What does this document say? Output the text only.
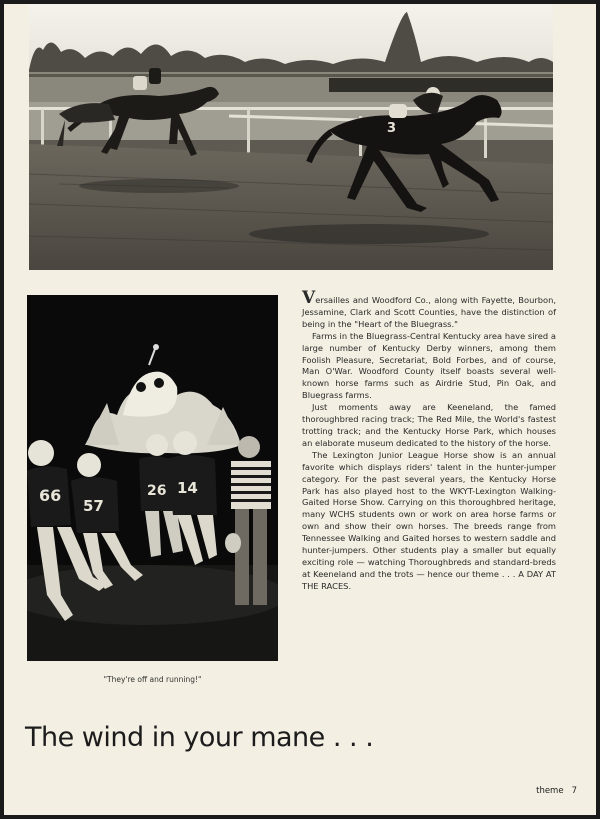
3
66
57
26 14
"They're off and running!"

Versailles and Woodford Co., along with Fayette, Bourbon, Jessamine, Clark and Scott Counties, have the distinction of being in the "Heart of the Bluegrass."

Farms in the Bluegrass-Central Kentucky area have sired a large number of Kentucky Derby winners, among them Foolish Pleasure, Secretariat, Bold Forbes, and of course, Man O'War. Woodford County itself boasts several well-known horse farms such as Airdrie Stud, Pin Oak, and Bluegrass farms.

Just moments away are Keeneland, the famed thoroughbred racing track; The Red Mile, the World's fastest trotting track; and the Kentucky Horse Park, which houses an elaborate museum dedicated to the history of the horse.

The Lexington Junior League Horse show is an annual favorite which displays riders' talent in the hunter-jumper category. For the past several years, the Kentucky Horse Park has also played host to the WKYT-Lexington Walking-Gaited Horse Show. Carrying on this thoroughbred heritage, many WCHS students own or work on area horse farms or own and show their own horses. The breeds range from Tennessee Walking and Gaited horses to western saddle and hunter-jumpers. Other students play a smaller but equally exciting role — watching Thoroughbreds and standard-breds at Keeneland and the trots — hence our theme . . . A DAY AT THE RACES.

The wind in your mane . . .
theme 7
